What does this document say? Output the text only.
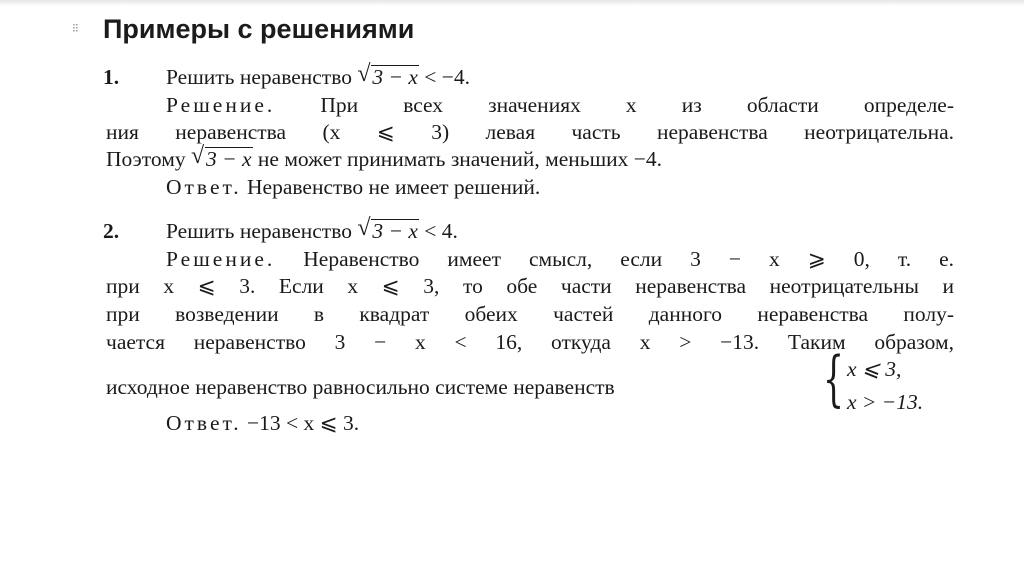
⁝⁝ Примеры с решениями
1. Решить неравенство √ 3 − x < −4.
Решение. При всех значениях x из области определе-
ния неравенства (x ⩽ 3) левая часть неравенства неотрицательна.
Поэтому √ 3 − x не может принимать значений, меньших −4.
Ответ. Неравенство не имеет решений.
2. Решить неравенство √ 3 − x < 4.
Решение. Неравенство имеет смысл, если 3 − x ⩾ 0, т. е.
при x ⩽ 3. Если x ⩽ 3, то обе части неравенства неотрицательны и
при возведении в квадрат обеих частей данного неравенства полу-
чается неравенство 3 − x < 16, откуда x > −13. Таким образом,
исходное неравенство равносильно системе неравенств	{ x ⩽ 3,
x > −13.
Ответ. −13 < x ⩽ 3.
